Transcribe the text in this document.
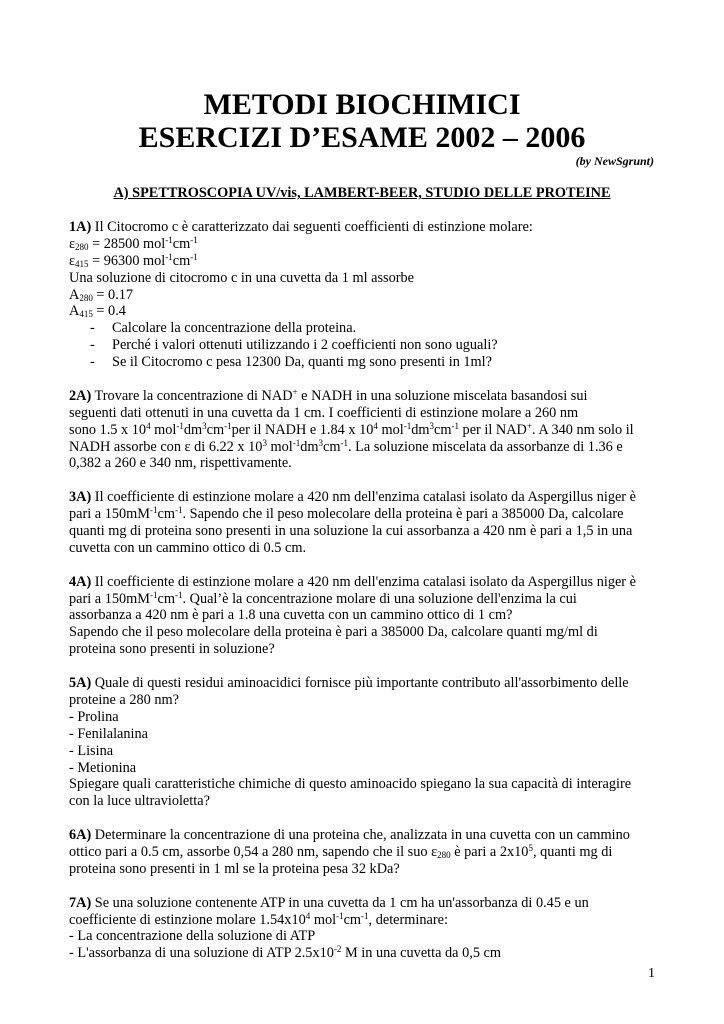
METODI BIOCHIMICI
ESERCIZI D’ESAME 2002 – 2006
(by NewSgrunt)
A) SPETTROSCOPIA UV/vis, LAMBERT-BEER, STUDIO DELLE PROTEINE
1A) Il Citocromo c è caratterizzato dai seguenti coefficienti di estinzione molare:
$\varepsilon_{280} = 28500$ $mol^{-1}cm^{-1}$
$\varepsilon_{415} = 96300$ $mol^{-1}cm^{-1}$
Una soluzione di citocromo c in una cuvetta da 1 ml assorbe
$A_{280} = 0.17$
$A_{415} = 0.4$
- Calcolare la concentrazione della proteina.
- Perché i valori ottenuti utilizzando i 2 coefficienti non sono uguali?
- Se il Citocromo c pesa 12300 Da, quanti mg sono presenti in 1ml?
2A) Trovare la concentrazione di NAD+ e NADH in una soluzione miscelata basandosi sui
seguenti dati ottenuti in una cuvetta da 1 cm. I coefficienti di estinzione molare a 260 nm
sono 1.5 x $10^4$ $mol^{-1}dm^3cm^{-1}per$ il NADH e 1.84 x $10^4$ $mol^{-1}dm^3cm^{-1}$ per il NAD+. A 340 nm solo il
NADH assorbe con ε di 6.22 x $10^3$ $mol^{-1}dm^3cm^{-1}$. La soluzione miscelata da assorbanze di 1.36 e
0,382 a 260 e 340 nm, rispettivamente.
3A) Il coefficiente di estinzione molare a 420 nm dell'enzima catalasi isolato da Aspergillus niger è
pari a $150mM^{-1}cm^{-1}$. Sapendo che il peso molecolare della proteina è pari a 385000 Da, calcolare
quanti mg di proteina sono presenti in una soluzione la cui assorbanza a 420 nm è pari a 1,5 in una
cuvetta con un cammino ottico di 0.5 cm.
4A) Il coefficiente di estinzione molare a 420 nm dell'enzima catalasi isolato da Aspergillus niger è
pari a $150mM^{-1}cm^{-1}$. Qual’è la concentrazione molare di una soluzione dell'enzima la cui
assorbanza a 420 nm è pari a 1.8 una cuvetta con un cammino ottico di 1 cm?
Sapendo che il peso molecolare della proteina è pari a 385000 Da, calcolare quanti mg/ml di
proteina sono presenti in soluzione?
5A) Quale di questi residui aminoacidici fornisce più importante contributo all'assorbimento delle
proteine a 280 nm?
- Prolina
- Fenilalanina
- Lisina
- Metionina
Spiegare quali caratteristiche chimiche di questo aminoacido spiegano la sua capacità di interagire
con la luce ultravioletta?
6A) Determinare la concentrazione di una proteina che, analizzata in una cuvetta con un cammino
ottico pari a 0.5 cm, assorbe 0,54 a 280 nm, sapendo che il suo $\varepsilon_{280}$ è pari a $2x10^5$, quanti mg di
proteina sono presenti in 1 ml se la proteina pesa 32 kDa?
7A) Se una soluzione contenente ATP in una cuvetta da 1 cm ha un'assorbanza di 0.45 e un
coefficiente di estinzione molare $1.54x10^4$ $mol^{-1}cm^{-1}$, determinare:
- La concentrazione della soluzione di ATP
- L'assorbanza di una soluzione di ATP $2.5x10^{-2}$ M in una cuvetta da 0,5 cm
1
